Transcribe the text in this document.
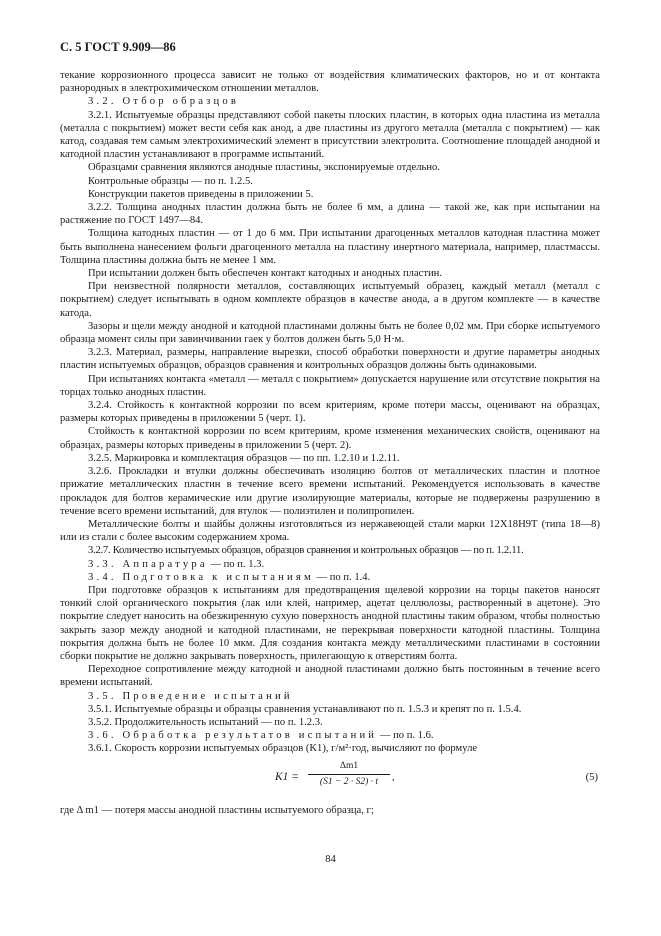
С. 5 ГОСТ 9.909—86

текание коррозионного процесса зависит не только от воздействия климатических факторов, но и от контакта разнородных в электрохимическом отношении металлов.

3.2. Отбор образцов

3.2.1. Испытуемые образцы представляют собой пакеты плоских пластин, в которых одна пластина из металла (металла с покрытием) может вести себя как анод, а две пластины из другого металла (металла с покрытием) — как катод, создавая тем самым электрохимический элемент в присутствии электролита. Соотношение площадей анодной и катодной пластин устанавливают в программе испытаний.

Образцами сравнения являются анодные пластины, экспонируемые отдельно.

Контрольные образцы — по п. 1.2.5.

Конструкции пакетов приведены в приложении 5.

3.2.2. Толщина анодных пластин должна быть не более 6 мм, а длина — такой же, как при испытании на растяжение по ГОСТ 1497—84.

Толщина катодных пластин — от 1 до 6 мм. При испытании драгоценных металлов катодная пластина может быть выполнена нанесением фольги драгоценного металла на пластину инертного материала, например, пластмассы. Толщина пластины должна быть не менее 1 мм.

При испытании должен быть обеспечен контакт катодных и анодных пластин.

При неизвестной полярности металлов, составляющих испытуемый образец, каждый металл (металл с покрытием) следует испытывать в одном комплекте образцов в качестве анода, а в другом комплекте — в качестве катода.

Зазоры и щели между анодной и катодной пластинами должны быть не более 0,02 мм. При сборке испытуемого образца момент силы при завинчивании гаек у болтов должен быть 5,0 Н·м.

3.2.3. Материал, размеры, направление вырезки, способ обработки поверхности и другие параметры анодных пластин испытуемых образцов, образцов сравнения и контрольных образцов должны быть одинаковыми.

При испытаниях контакта «металл — металл с покрытием» допускается нарушение или отсутствие покрытия на торцах только анодных пластин.

3.2.4. Стойкость к контактной коррозии по всем критериям, кроме потери массы, оценивают на образцах, размеры которых приведены в приложении 5 (черт. 1).

Стойкость к контактной коррозии по всем критериям, кроме изменения механических свойств, оценивают на образцах, размеры которых приведены в приложении 5 (черт. 2).

3.2.5. Маркировка и комплектация образцов — по пп. 1.2.10 и 1.2.11.

3.2.6. Прокладки и втулки должны обеспечивать изоляцию болтов от металлических пластин и плотное прижатие металлических пластин в течение всего времени испытаний. Рекомендуется использовать в качестве прокладок для болтов керамические или другие изолирующие материалы, которые не подвержены разрушению в течение всего времени испытаний, для втулок — полиэтилен и полипропилен.

Металлические болты и шайбы должны изготовляться из нержавеющей стали марки 12Х18Н9Т (типа 18—8) или из стали с более высоким содержанием хрома.

3.2.7. Количество испытуемых образцов, образцов сравнения и контрольных образцов — по п. 1.2.11.

3.3. Аппаратура — по п. 1.3.

3.4. Подготовка к испытаниям — по п. 1.4.

При подготовке образцов к испытаниям для предотвращения щелевой коррозии на торцы пакетов наносят тонкий слой органического покрытия (лак или клей, например, ацетат целлюлозы, растворенный в ацетоне). Это покрытие следует наносить на обезжиренную сухую поверхность анодной пластины таким образом, чтобы полностью закрыть зазор между анодной и катодной пластинами, не перекрывая поверхности катодной пластины. Толщина покрытия должна быть не более 10 мкм. Для создания контакта между металлическими пластинами в состоянии сборки покрытие не должно закрывать поверхность, прилегающую к отверстиям болта.

Переходное сопротивление между катодной и анодной пластинами должно быть постоянным в течение всего времени испытаний.

3.5. Проведение испытаний

3.5.1. Испытуемые образцы и образцы сравнения устанавливают по п. 1.5.3 и крепят по п. 1.5.4.

3.5.2. Продолжительность испытаний — по п. 1.2.3.

3.6. Обработка результатов испытаний — по п. 1.6.

3.6.1. Скорость коррозии испытуемых образцов (K1), г/м²·год, вычисляют по формуле

K1 =
Δm1
(S1 − 2 · S2) · t	,	(5)

где Δ m1 — потеря массы анодной пластины испытуемого образца, г;

84
